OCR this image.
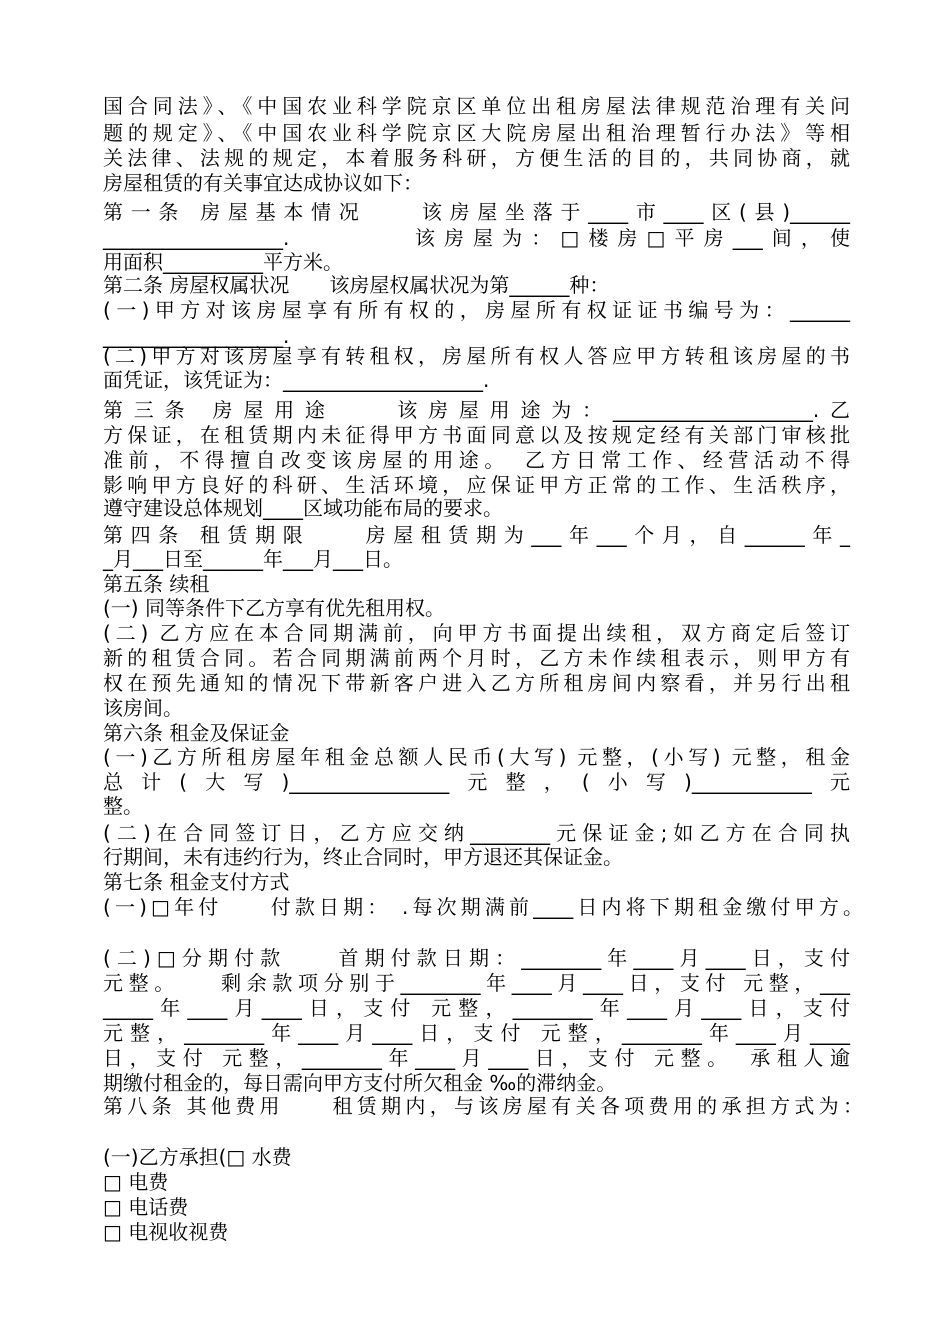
国合同法》、《中国农业科学院京区单位出租房屋法律规范治理有关问
题的规定》、《中国农业科学院京区大院房屋出租治理暂行办法》等相
关法律、法规的规定，本着服务科研，方便生活的目的，共同协商，就
房屋租赁的有关事宜达成协议如下：
第一条 房屋基本情况　　该房屋坐落于____市____区(县)______
__________________.　　　　该房屋为：□楼房□平房___间，使
用面积__________平方米。
第二条 房屋权属状况　　该房屋权属状况为第______种：
(一)甲方对该房屋享有所有权的，房屋所有权证证书编号为：______
__________________.
(二)甲方对该房屋享有转租权，房屋所有权人答应甲方转租该房屋的书
面凭证，该凭证为：____________________.
第三条 房屋用途　　该房屋用途为：____________________.乙
方保证，在租赁期内未征得甲方书面同意以及按规定经有关部门审核批
准前，不得擅自改变该房屋的用途。　乙方日常工作、经营活动不得
影响甲方良好的科研、生活环境，应保证甲方正常的工作、生活秩序，
遵守建设总体规划____区域功能布局的要求。
第四条 租赁期限　　房屋租赁期为___年___个月，自______年_
_月___日至______年___月___日。
第五条 续租
(一) 同等条件下乙方享有优先租用权。
(二) 乙方应在本合同期满前，向甲方书面提出续租，双方商定后签订
新的租赁合同。若合同期满前两个月时，乙方未作续租表示，则甲方有
权在预先通知的情况下带新客户进入乙方所租房间内察看，并另行出租
该房间。
第六条 租金及保证金
(一)乙方所租房屋年租金总额人民币(大写) 元整，(小写) 元整，租金
总计(大写)________________元整，(小写)____________元
整。
(二)在合同签订日，乙方应交纳________元保证金;如乙方在合同执
行期间，未有违约行为，终止合同时，甲方退还其保证金。
第七条 租金支付方式
(一)□年付　　付款日期： .每次期满前____日内将下期租金缴付甲方。
(二)□分期付款　　首期付款日期：________年____月____日，支付
元整。　　剩余款项分别于________年____月____日，支付 元整，___
_____年____月____日，支付 元整，________年____月____日，支付
元整，________年____月____日，支付 元整，________年____月____
日，支付 元整，________年____月____日，支付 元整。　承租人逾
期缴付租金的，每日需向甲方支付所欠租金 ‰的滞纳金。
第八条 其他费用　　租赁期内，与该房屋有关各项费用的承担方式为：
(一)乙方承担(□ 水费
□ 电费
□ 电话费
□ 电视收视费
